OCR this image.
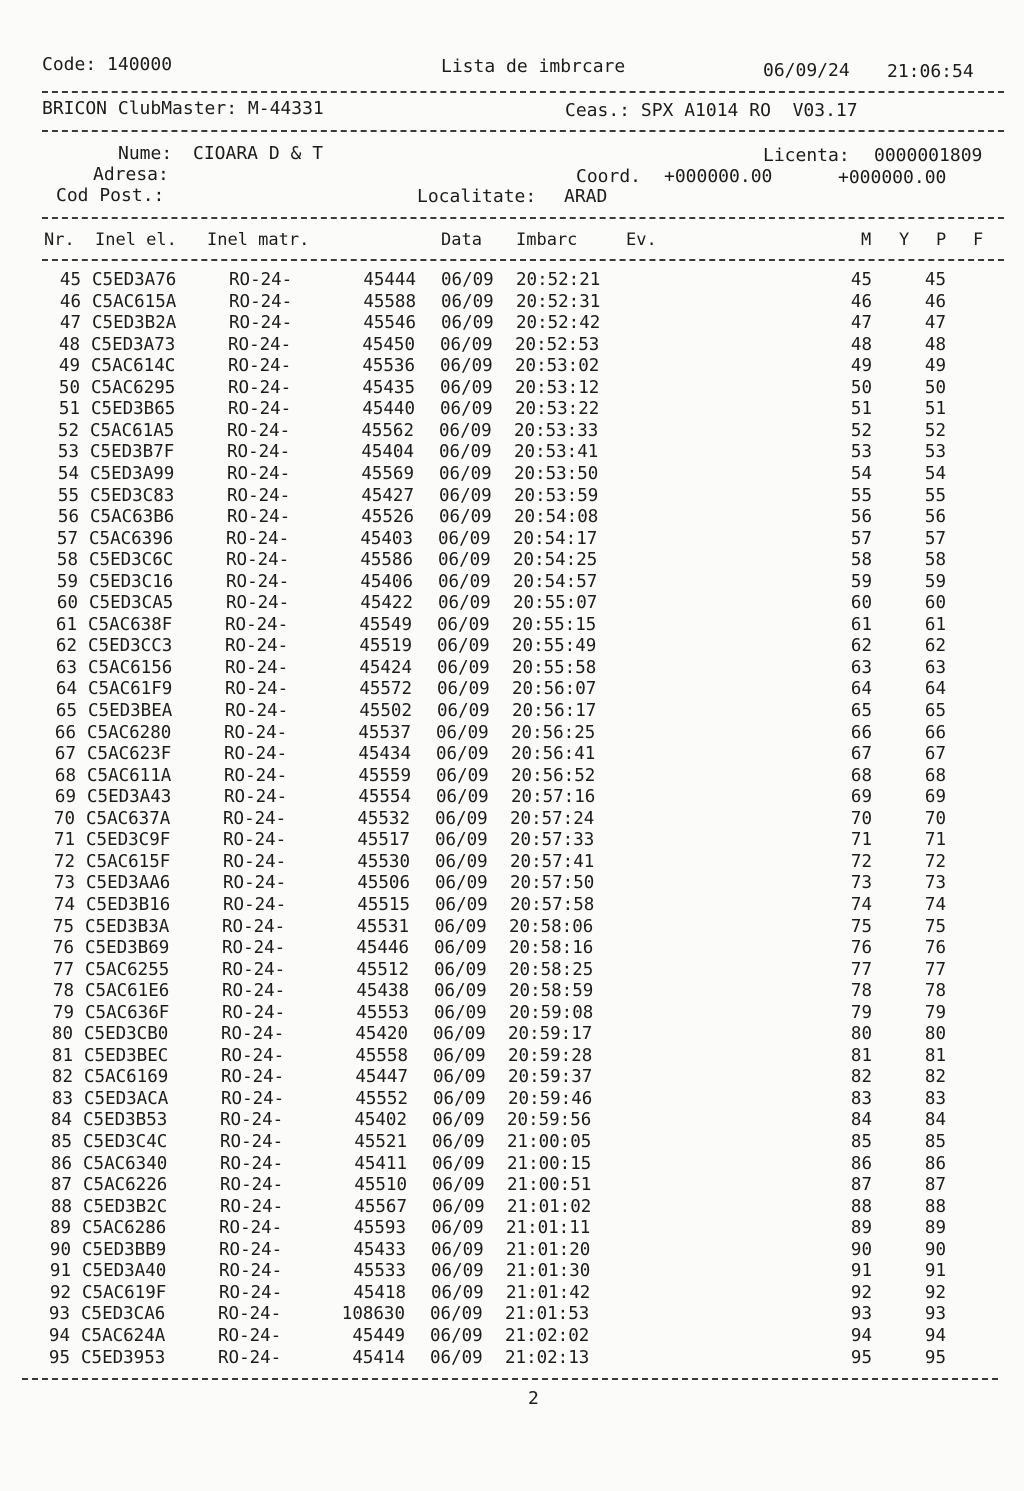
Code: 140000	Lista de imbrcare	06/09/24 21:06:54
BRICON ClubMaster: M-44331	Ceas.: SPX A1014 RO  V03.17
Nume: CIOARA D & T	Licenta: 0000001809
Adresa:	Coord. +000000.00	+000000.00
Cod Post.:	Localitate: ARAD
Nr. Inel el. Inel matr.	Data Imbarc	Ev.	M Y P F
45 C5ED3A76	RO-24-	45444 06/09	20:52:21	45	45
46 C5AC615A	RO-24-	45588 06/09	20:52:31	46	46
47 C5ED3B2A	RO-24-	45546 06/09	20:52:42	47	47
48 C5ED3A73	RO-24-	45450 06/09	20:52:53	48	48
49 C5AC614C	RO-24-	45536 06/09	20:53:02	49	49
50 C5AC6295	RO-24-	45435 06/09	20:53:12	50	50
51 C5ED3B65	RO-24-	45440 06/09	20:53:22	51	51
52 C5AC61A5	RO-24-	45562 06/09	20:53:33	52	52
53 C5ED3B7F	RO-24-	45404 06/09	20:53:41	53	53
54 C5ED3A99	RO-24-	45569 06/09	20:53:50	54	54
55 C5ED3C83	RO-24-	45427 06/09	20:53:59	55	55
56 C5AC63B6	RO-24-	45526 06/09	20:54:08	56	56
57 C5AC6396	RO-24-	45403 06/09	20:54:17	57	57
58 C5ED3C6C	RO-24-	45586 06/09	20:54:25	58	58
59 C5ED3C16	RO-24-	45406 06/09	20:54:57	59	59
60 C5ED3CA5	RO-24-	45422 06/09	20:55:07	60	60
61 C5AC638F	RO-24-	45549 06/09	20:55:15	61	61
62 C5ED3CC3	RO-24-	45519 06/09	20:55:49	62	62
63 C5AC6156	RO-24-	45424 06/09	20:55:58	63	63
64 C5AC61F9	RO-24-	45572 06/09	20:56:07	64	64
65 C5ED3BEA	RO-24-	45502 06/09	20:56:17	65	65
66 C5AC6280	RO-24-	45537 06/09	20:56:25	66	66
67 C5AC623F	RO-24-	45434 06/09	20:56:41	67	67
68 C5AC611A	RO-24-	45559 06/09	20:56:52	68	68
69 C5ED3A43	RO-24-	45554 06/09	20:57:16	69	69
70 C5AC637A	RO-24-	45532 06/09	20:57:24	70	70
71 C5ED3C9F	RO-24-	45517 06/09	20:57:33	71	71
72 C5AC615F	RO-24-	45530 06/09	20:57:41	72	72
73 C5ED3AA6	RO-24-	45506 06/09	20:57:50	73	73
74 C5ED3B16	RO-24-	45515 06/09	20:57:58	74	74
75 C5ED3B3A	RO-24-	45531 06/09	20:58:06	75	75
76 C5ED3B69	RO-24-	45446 06/09	20:58:16	76	76
77 C5AC6255	RO-24-	45512 06/09	20:58:25	77	77
78 C5AC61E6	RO-24-	45438 06/09	20:58:59	78	78
79 C5AC636F	RO-24-	45553 06/09	20:59:08	79	79
80 C5ED3CB0	RO-24-	45420 06/09	20:59:17	80	80
81 C5ED3BEC	RO-24-	45558 06/09	20:59:28	81	81
82 C5AC6169	RO-24-	45447 06/09	20:59:37	82	82
83 C5ED3ACA	RO-24-	45552 06/09	20:59:46	83	83
84 C5ED3B53	RO-24-	45402 06/09	20:59:56	84	84
85 C5ED3C4C	RO-24-	45521 06/09	21:00:05	85	85
86 C5AC6340	RO-24-	45411 06/09	21:00:15	86	86
87 C5AC6226	RO-24-	45510 06/09	21:00:51	87	87
88 C5ED3B2C	RO-24-	45567 06/09	21:01:02	88	88
89 C5AC6286	RO-24-	45593 06/09	21:01:11	89	89
90 C5ED3BB9	RO-24-	45433 06/09	21:01:20	90	90
91 C5ED3A40	RO-24-	45533 06/09	21:01:30	91	91
92 C5AC619F	RO-24-	45418 06/09	21:01:42	92	92
93 C5ED3CA6	RO-24-	108630 06/09	21:01:53	93	93
94 C5AC624A	RO-24-	45449 06/09	21:02:02	94	94
95 C5ED3953	RO-24-	45414 06/09	21:02:13	95	95
2
